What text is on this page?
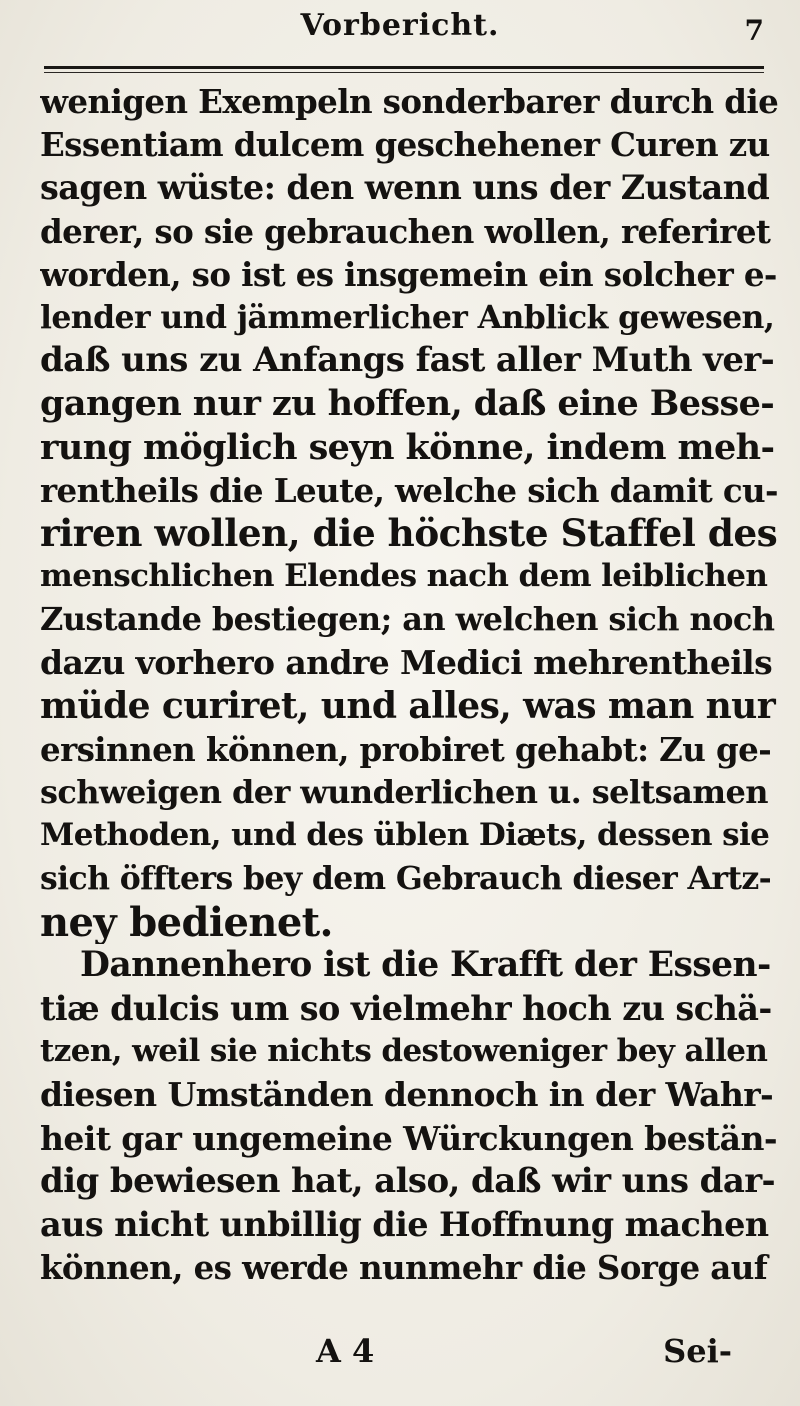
Vorbericht.	7
wenigen Exempeln sonderbarer durch die
Essentiam dulcem geschehener Curen zu
sagen wüste: den wenn uns der Zustand
derer, so sie gebrauchen wollen, referiret
worden, so ist es insgemein ein solcher e-
lender und jämmerlicher Anblick gewesen,
daß uns zu Anfangs fast aller Muth ver-
gangen nur zu hoffen, daß eine Besse-
rung möglich seyn könne, indem meh-
rentheils die Leute, welche sich damit cu-
riren wollen, die höchste Staffel des
menschlichen Elendes nach dem leiblichen
Zustande bestiegen; an welchen sich noch
dazu vorhero andre Medici mehrentheils
müde curiret, und alles, was man nur
ersinnen können, probiret gehabt: Zu ge-
schweigen der wunderlichen u. seltsamen
Methoden, und des üblen Diæts, dessen sie
sich öffters bey dem Gebrauch dieser Artz-
ney bedienet.
Dannenhero ist die Krafft der Essen-
tiæ dulcis um so vielmehr hoch zu schä-
tzen, weil sie nichts destoweniger bey allen
diesen Umständen dennoch in der Wahr-
heit gar ungemeine Würckungen bestän-
dig bewiesen hat, also, daß wir uns dar-
aus nicht unbillig die Hoffnung machen
können, es werde nunmehr die Sorge auf
A 4	Sei-
